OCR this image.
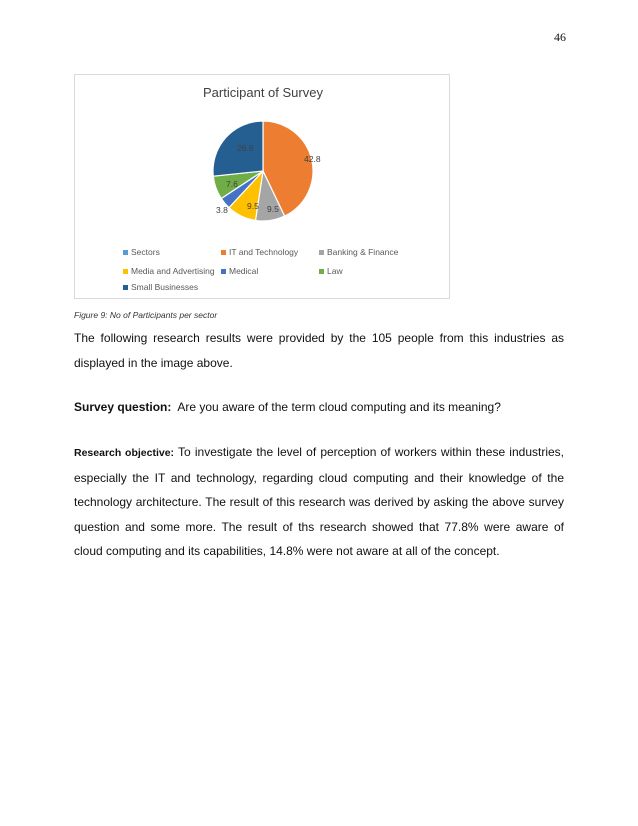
46
Participant of Survey
42.8
9.5
9.5
3.8
7.6
26.6
Sectors	IT and Technology	Banking & Finance
Media and Advertising Medical	Law
Small Businesses
Figure 9: No of Participants per sector
The following research results were provided by the 105 people from this industries as displayed in the image above.
Survey question: Are you aware of the term cloud computing and its meaning?
Research objective: To investigate the level of perception of workers within these industries, especially the IT and technology, regarding cloud computing and their knowledge of the technology architecture. The result of this research was derived by asking the above survey question and some more. The result of ths research showed that 77.8% were aware of cloud computing and its capabilities, 14.8% were not aware at all of the concept.
